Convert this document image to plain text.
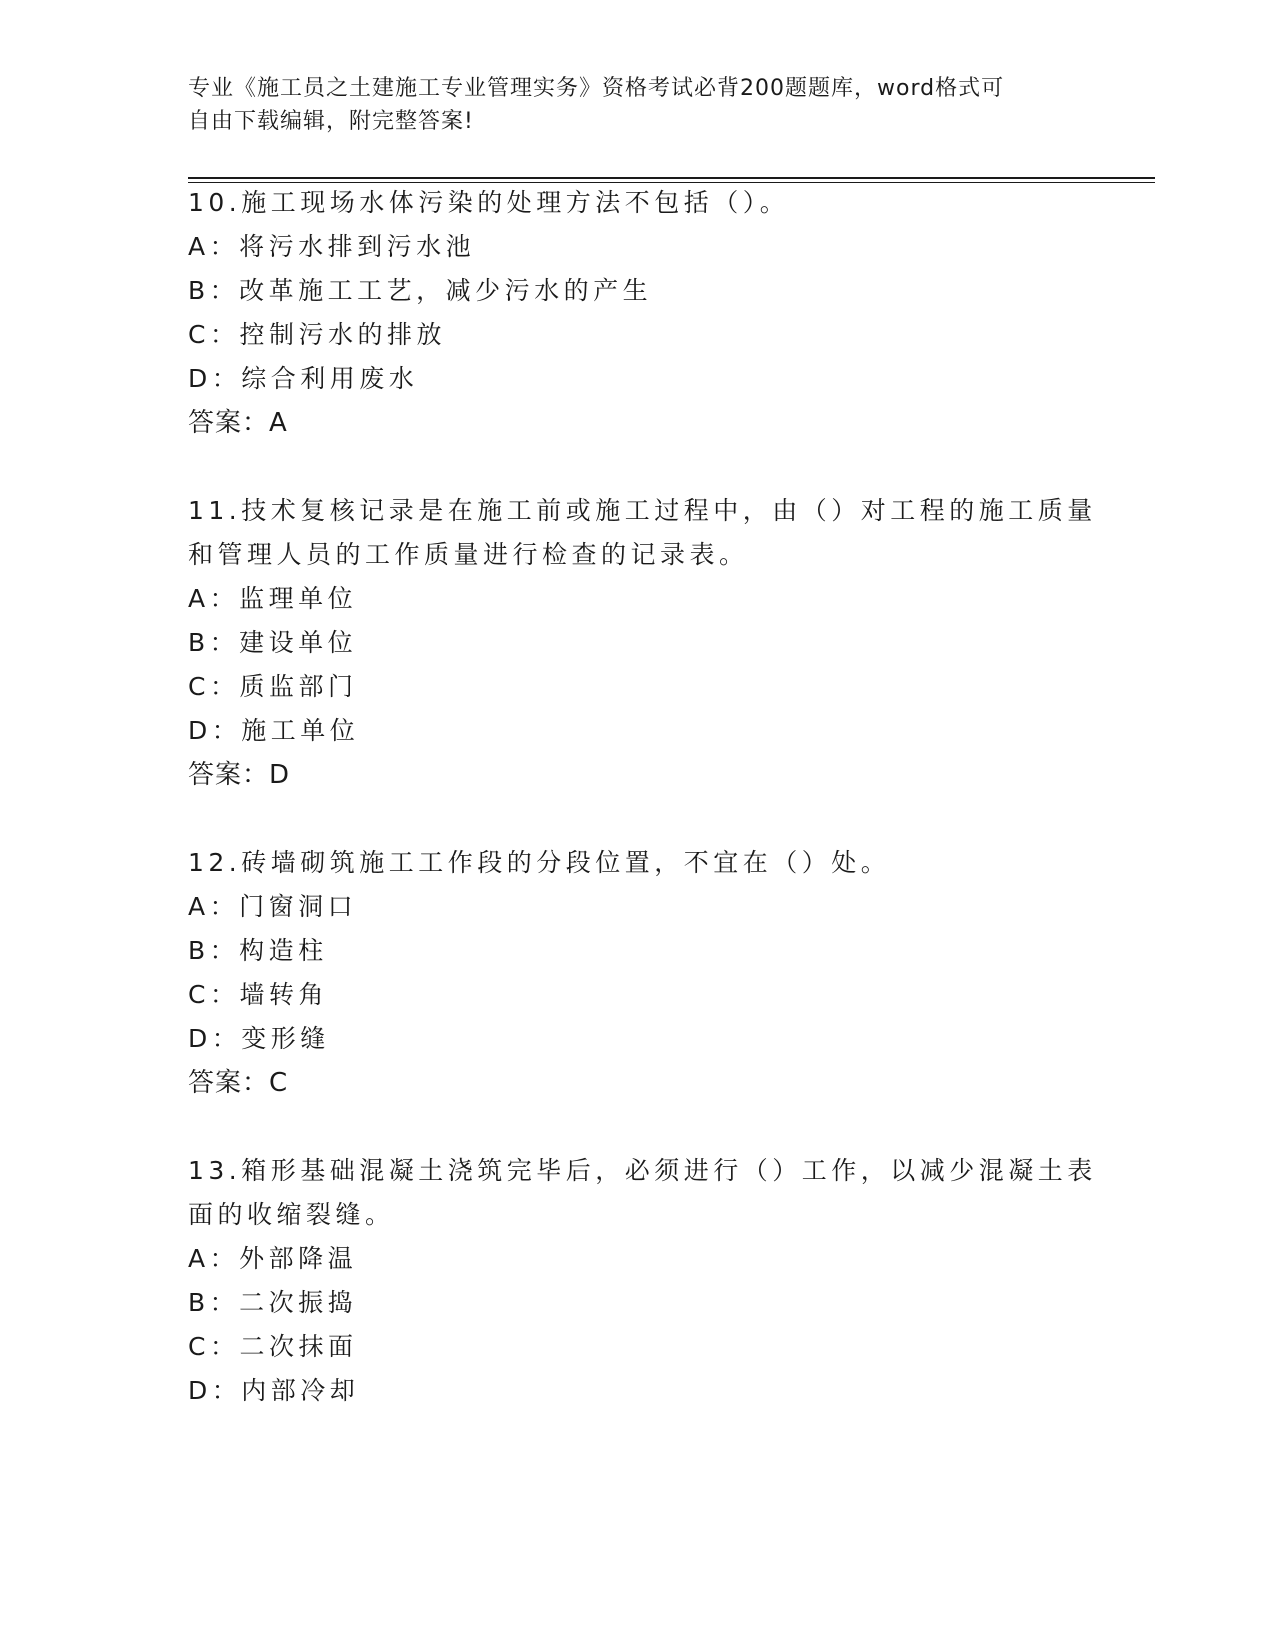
专业《施工员之土建施工专业管理实务》资格考试必背200题题库，word格式可
自由下载编辑，附完整答案!
10.施工现场水体污染的处理方法不包括（）。
A：将污水排到污水池
B：改革施工工艺，减少污水的产生
C：控制污水的排放
D：综合利用废水
答案：A
11.技术复核记录是在施工前或施工过程中，由（）对工程的施工质量
和管理人员的工作质量进行检查的记录表。
A：监理单位
B：建设单位
C：质监部门
D：施工单位
答案：D
12.砖墙砌筑施工工作段的分段位置，不宜在（）处。
A：门窗洞口
B：构造柱
C：墙转角
D：变形缝
答案：C
13.箱形基础混凝土浇筑完毕后，必须进行（）工作，以减少混凝土表
面的收缩裂缝。
A：外部降温
B：二次振捣
C：二次抹面
D：内部冷却
